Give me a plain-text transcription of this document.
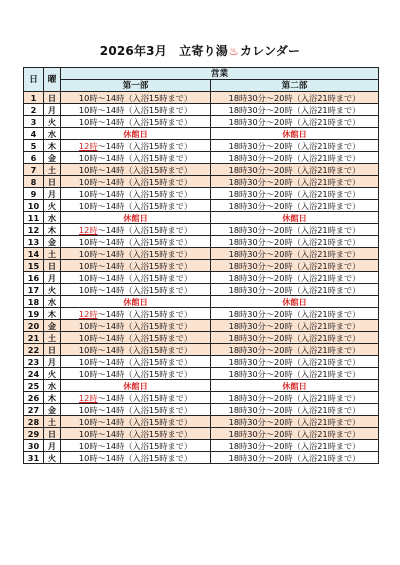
2026年3月　立寄り湯♨カレンダー
日	曜	営業	
		第一部	第二部
1	日	10時～14時（入浴15時まで）	18時30分～20時（入浴21時まで）
2	月	10時～14時（入浴15時まで）	18時30分～20時（入浴21時まで）
3	火	10時～14時（入浴15時まで）	18時30分～20時（入浴21時まで）
4	水	休館日	休館日
5	木	12時～14時（入浴15時まで）	18時30分～20時（入浴21時まで）
6	金	10時～14時（入浴15時まで）	18時30分～20時（入浴21時まで）
7	土	10時～14時（入浴15時まで）	18時30分～20時（入浴21時まで）
8	日	10時～14時（入浴15時まで）	18時30分～20時（入浴21時まで）
9	月	10時～14時（入浴15時まで）	18時30分～20時（入浴21時まで）
10	火	10時～14時（入浴15時まで）	18時30分～20時（入浴21時まで）
11	水	休館日	休館日
12	木	12時～14時（入浴15時まで）	18時30分～20時（入浴21時まで）
13	金	10時～14時（入浴15時まで）	18時30分～20時（入浴21時まで）
14	土	10時～14時（入浴15時まで）	18時30分～20時（入浴21時まで）
15	日	10時～14時（入浴15時まで）	18時30分～20時（入浴21時まで）
16	月	10時～14時（入浴15時まで）	18時30分～20時（入浴21時まで）
17	火	10時～14時（入浴15時まで）	18時30分～20時（入浴21時まで）
18	水	休館日	休館日
19	木	12時～14時（入浴15時まで）	18時30分～20時（入浴21時まで）
20	金	10時～14時（入浴15時まで）	18時30分～20時（入浴21時まで）
21	土	10時～14時（入浴15時まで）	18時30分～20時（入浴21時まで）
22	日	10時～14時（入浴15時まで）	18時30分～20時（入浴21時まで）
23	月	10時～14時（入浴15時まで）	18時30分～20時（入浴21時まで）
24	火	10時～14時（入浴15時まで）	18時30分～20時（入浴21時まで）
25	水	休館日	休館日
26	木	12時～14時（入浴15時まで）	18時30分～20時（入浴21時まで）
27	金	10時～14時（入浴15時まで）	18時30分～20時（入浴21時まで）
28	土	10時～14時（入浴15時まで）	18時30分～20時（入浴21時まで）
29	日	10時～14時（入浴15時まで）	18時30分～20時（入浴21時まで）
30	月	10時～14時（入浴15時まで）	18時30分～20時（入浴21時まで）
31	火	10時～14時（入浴15時まで）	18時30分～20時（入浴21時まで）
